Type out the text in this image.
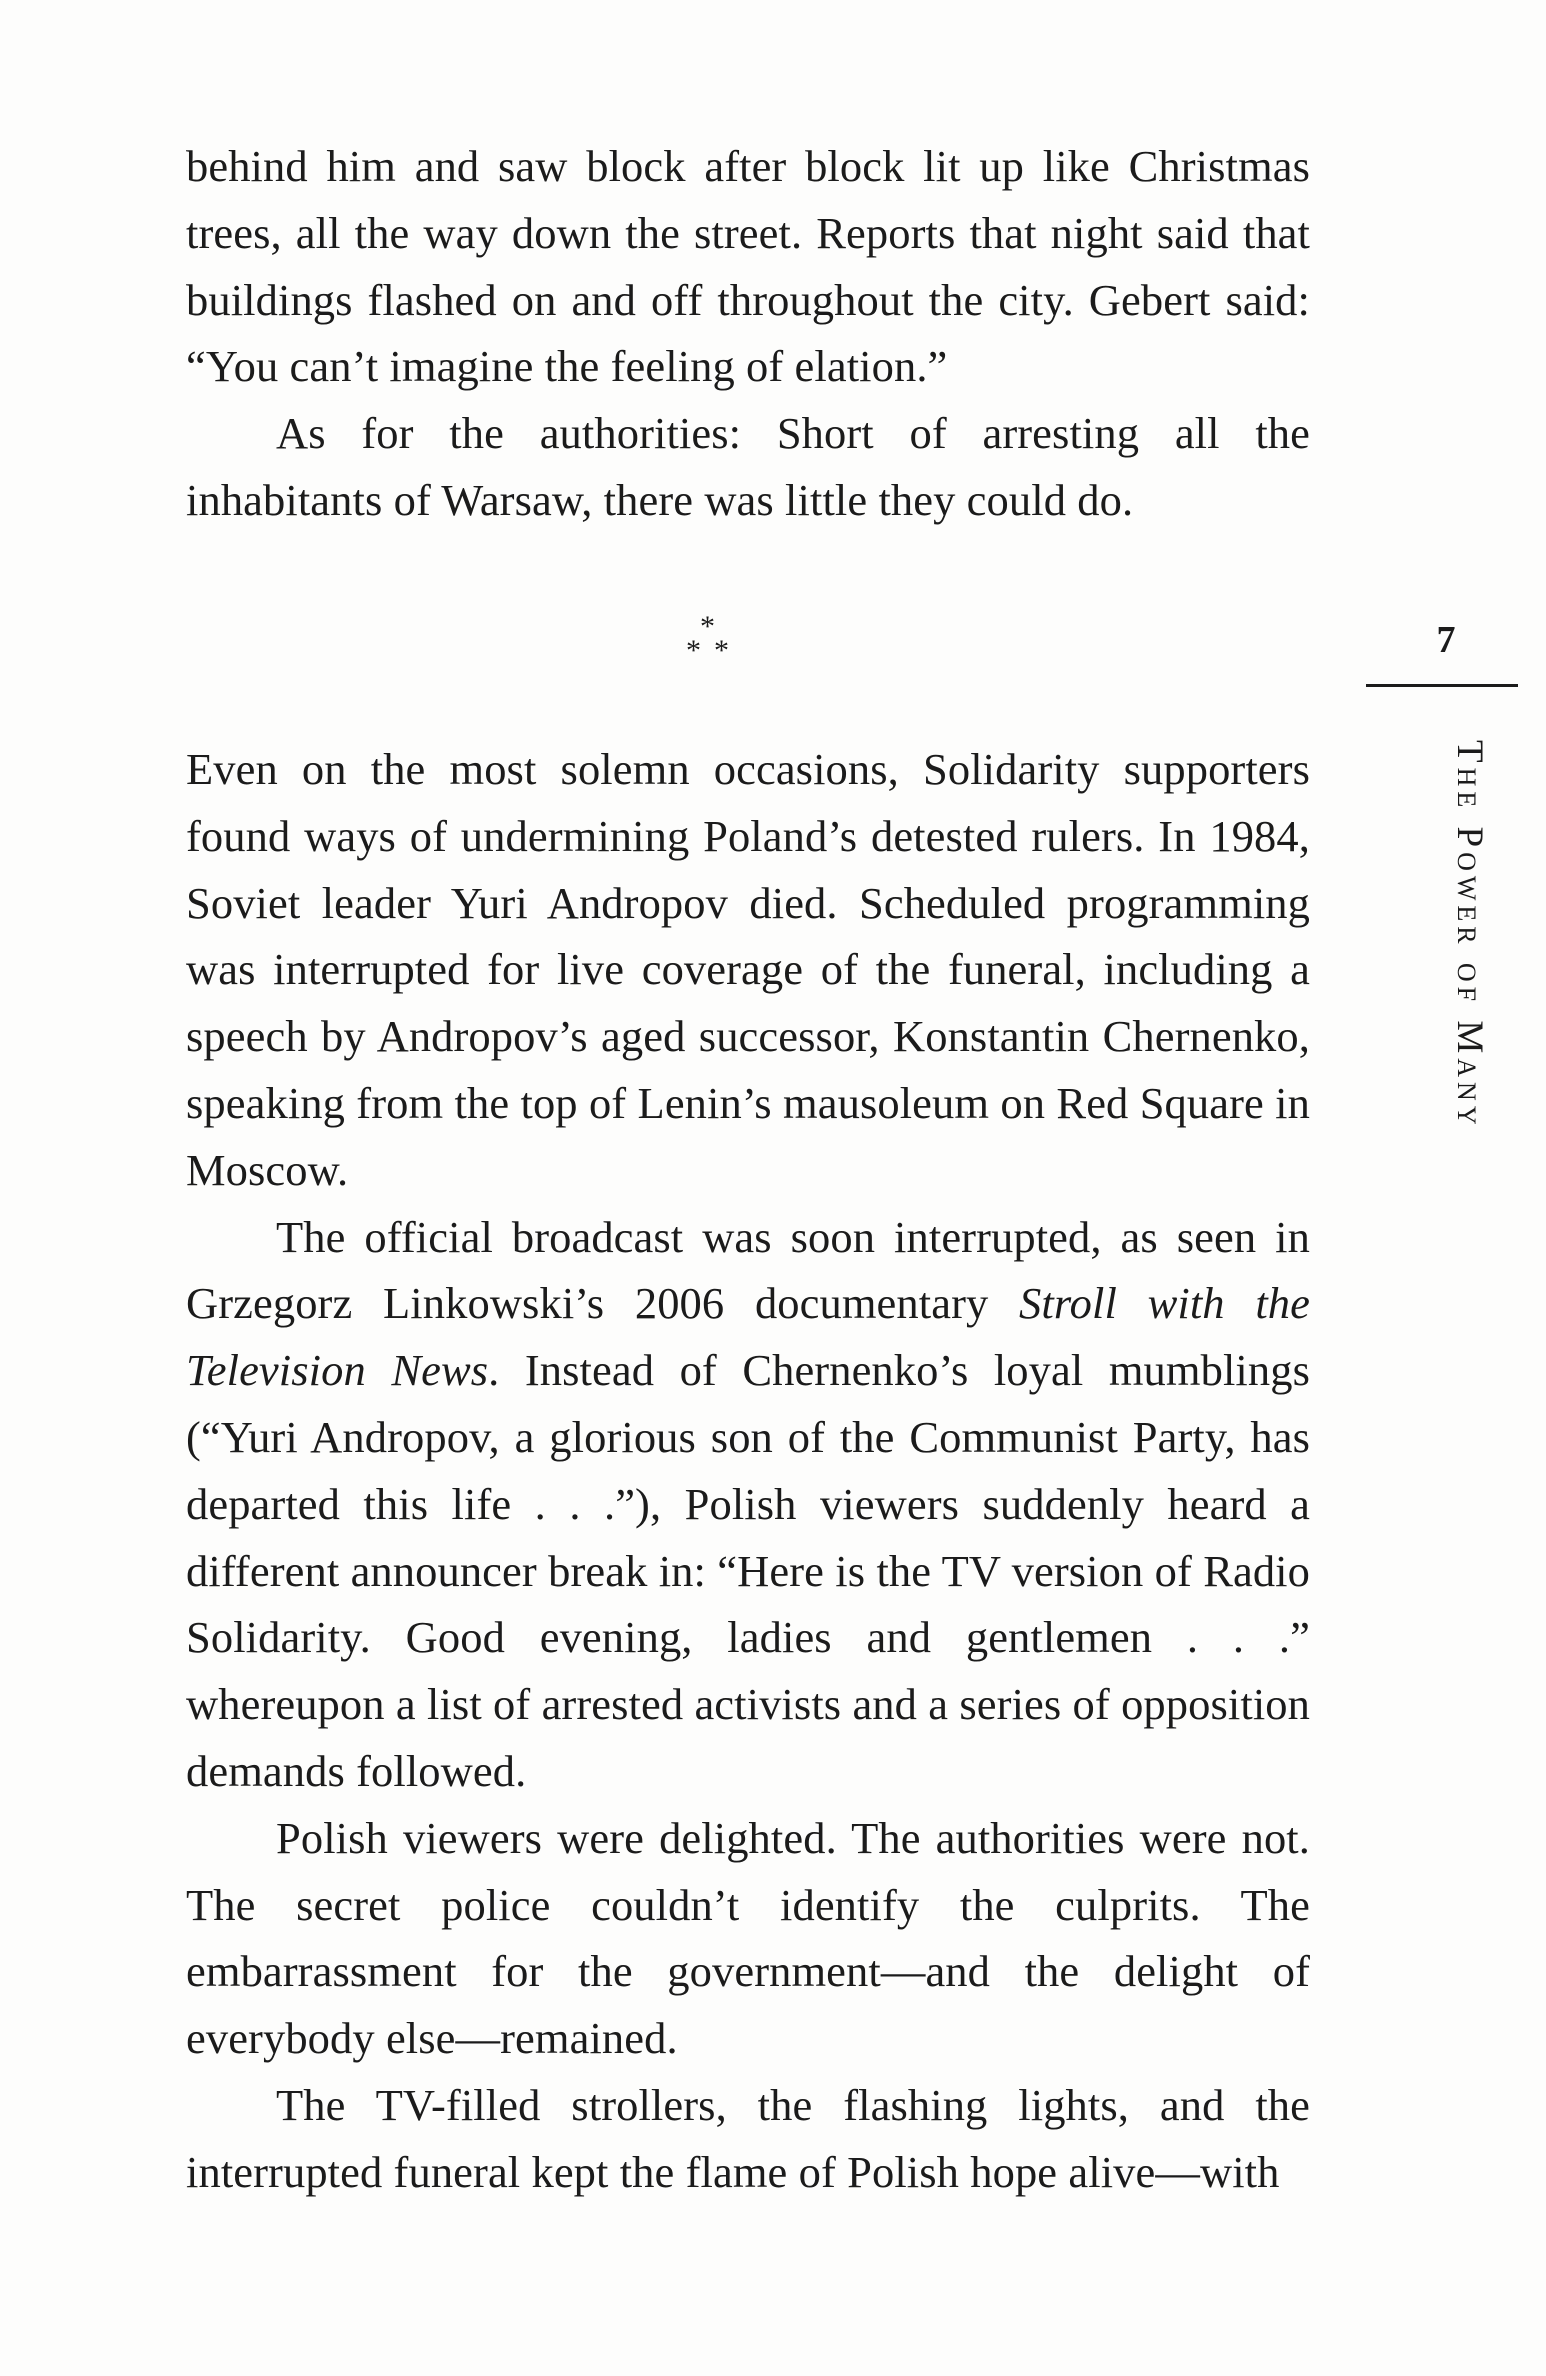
behind him and saw block after block lit up like Christmas trees, all the way down the street. Reports that night said that buildings flashed on and off throughout the city. Gebert said: “You can’t imagine the feeling of elation.”

As for the authorities: Short of arresting all the inhabitants of Warsaw, there was little they could do.

*
* *	7
The Power of Many

Even on the most solemn occasions, Solidarity supporters found ways of undermining Poland’s detested rulers. In 1984, Soviet leader Yuri Andropov died. Scheduled programming was interrupted for live coverage of the funeral, including a speech by Andropov’s aged successor, Konstantin Chernenko, speaking from the top of Lenin’s mausoleum on Red Square in Moscow.

The official broadcast was soon interrupted, as seen in Grzegorz Linkowski’s 2006 documentary Stroll with the Television News. Instead of Chernenko’s loyal mumblings (“Yuri Andropov, a glorious son of the Communist Party, has departed this life . . .”), Polish viewers suddenly heard a different announcer break in: “Here is the TV version of Radio Solidarity. Good evening, ladies and gentlemen . . .” whereupon a list of arrested activists and a series of opposition demands followed.

Polish viewers were delighted. The authorities were not. The secret police couldn’t identify the culprits. The embarrassment for the government—and the delight of everybody else—remained.

The TV-filled strollers, the flashing lights, and the interrupted funeral kept the flame of Polish hope alive—with
